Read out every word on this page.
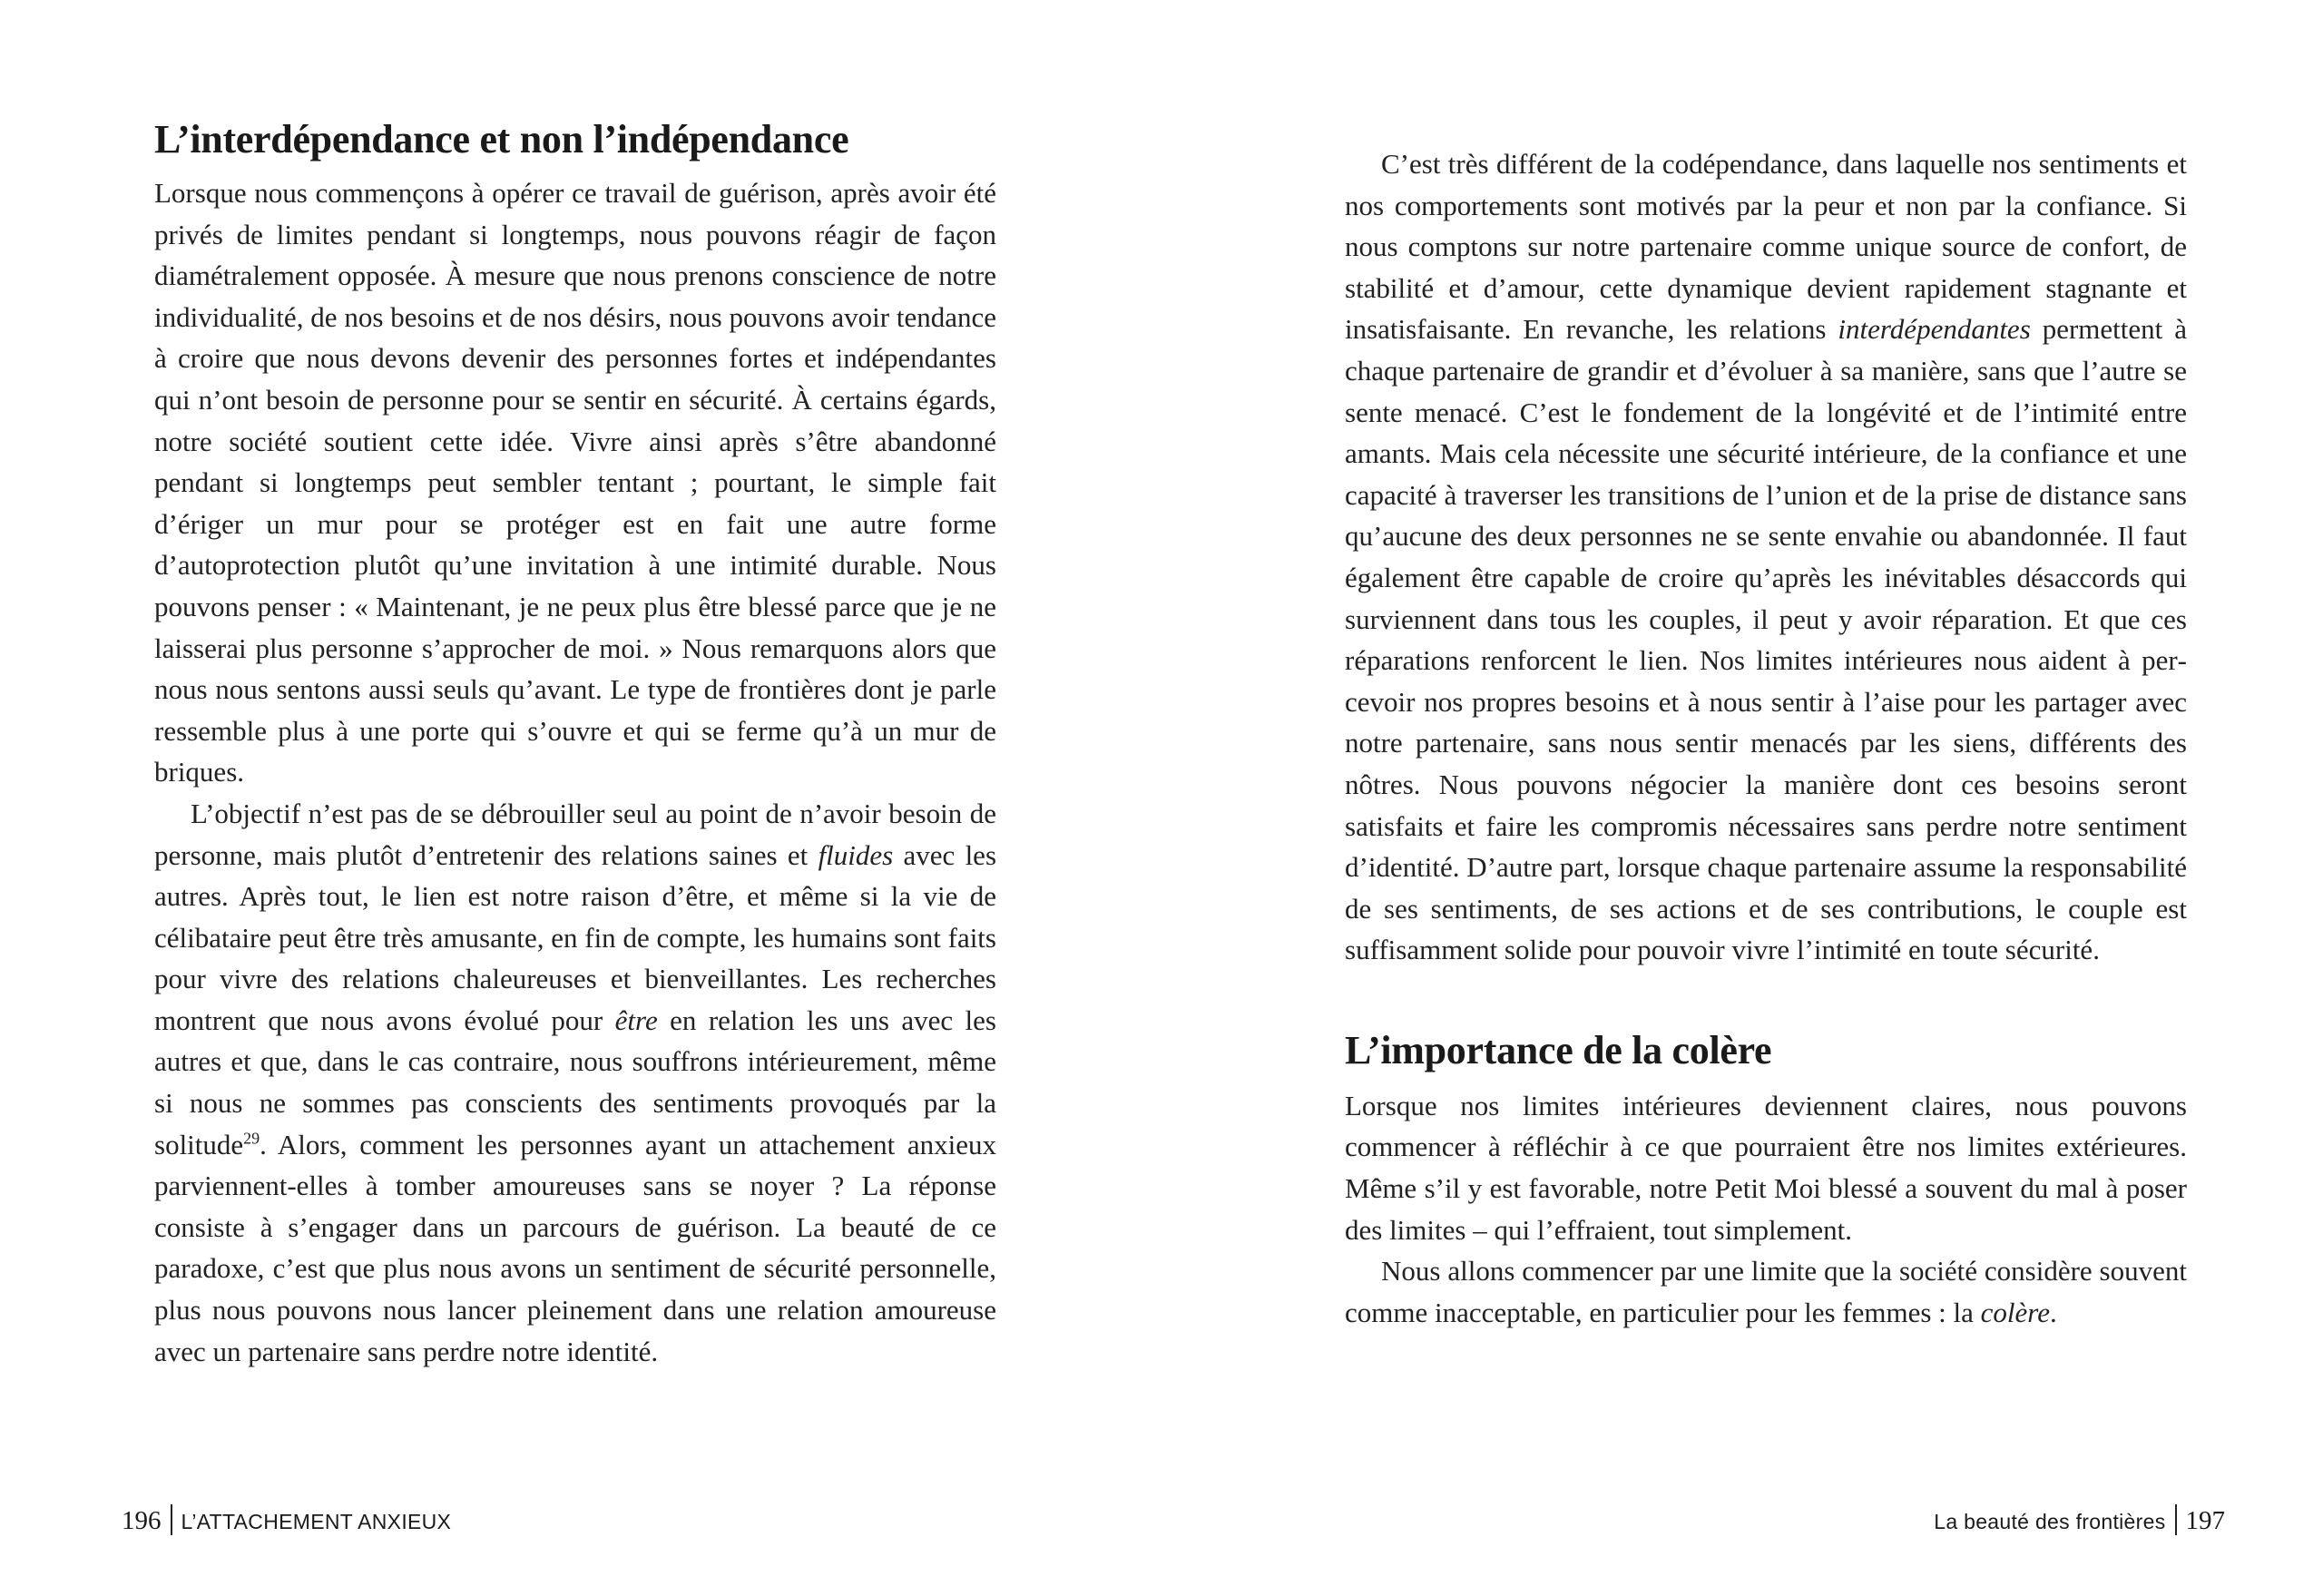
L’interdépendance et non l’indépendance

Lorsque nous commençons à opérer ce travail de guérison, après avoir été privés de limites pendant si longtemps, nous pouvons réagir de façon diamétralement opposée. À mesure que nous prenons conscience de notre individualité, de nos besoins et de nos désirs, nous pouvons avoir tendance à croire que nous devons devenir des personnes fortes et indépendantes qui n’ont besoin de personne pour se sentir en sécurité. À certains égards, notre société soutient cette idée. Vivre ainsi après s’être abandonné pendant si longtemps peut sembler tentant ; pourtant, le simple fait d’ériger un mur pour se protéger est en fait une autre forme d’autoprotection plutôt qu’une invitation à une intimité durable. Nous pouvons penser : « Maintenant, je ne peux plus être blessé parce que je ne laisserai plus personne s’approcher de moi. » Nous remarquons alors que nous nous sentons aussi seuls qu’avant. Le type de frontières dont je parle ressemble plus à une porte qui s’ouvre et qui se ferme qu’à un mur de briques.

L’objectif n’est pas de se débrouiller seul au point de n’avoir besoin de personne, mais plutôt d’entretenir des relations saines et fluides avec les autres. Après tout, le lien est notre raison d’être, et même si la vie de célibataire peut être très amusante, en fin de compte, les humains sont faits pour vivre des relations chaleureuses et bienveillantes. Les recherches montrent que nous avons évolué pour être en relation les uns avec les autres et que, dans le cas contraire, nous souffrons intérieurement, même si nous ne sommes pas conscients des sentiments provoqués par la solitude$^{29}$. Alors, comment les personnes ayant un attachement anxieux parviennent-elles à tomber amoureuses sans se noyer ? La réponse consiste à s’engager dans un parcours de guérison. La beauté de ce paradoxe, c’est que plus nous avons un sentiment de sécurité personnelle, plus nous pouvons nous lancer pleinement dans une relation amoureuse avec un partenaire sans perdre notre identité.

196 L’ATTACHEMENT ANXIEUX

C’est très différent de la codépendance, dans laquelle nos sentiments et nos comportements sont motivés par la peur et non par la confiance. Si nous comptons sur notre partenaire comme unique source de confort, de stabilité et d’amour, cette dynamique devient rapidement stagnante et insatisfaisante. En revanche, les relations interdépendantes permettent à chaque partenaire de grandir et d’évoluer à sa manière, sans que l’autre se sente menacé. C’est le fondement de la longévité et de l’intimité entre amants. Mais cela nécessite une sécurité intérieure, de la confiance et une capacité à traverser les transitions de l’union et de la prise de distance sans qu’aucune des deux personnes ne se sente envahie ou abandonnée. Il faut également être capable de croire qu’après les inévitables désaccords qui surviennent dans tous les couples, il peut y avoir réparation. Et que ces réparations renforcent le lien. Nos limites intérieures nous aident à percevoir nos propres besoins et à nous sentir à l’aise pour les partager avec notre partenaire, sans nous sentir menacés par les siens, différents des nôtres. Nous pouvons négocier la manière dont ces besoins seront satisfaits et faire les compromis nécessaires sans perdre notre sentiment d’identité. D’autre part, lorsque chaque partenaire assume la responsabilité de ses sentiments, de ses actions et de ses contributions, le couple est suffisamment solide pour pouvoir vivre l’intimité en toute sécurité.

L’importance de la colère

Lorsque nos limites intérieures deviennent claires, nous pouvons commencer à réfléchir à ce que pourraient être nos limites extérieures. Même s’il y est favorable, notre Petit Moi blessé a souvent du mal à poser des limites – qui l’effraient, tout simplement.

Nous allons commencer par une limite que la société considère souvent comme inacceptable, en particulier pour les femmes : la colère.

La beauté des frontières 197
